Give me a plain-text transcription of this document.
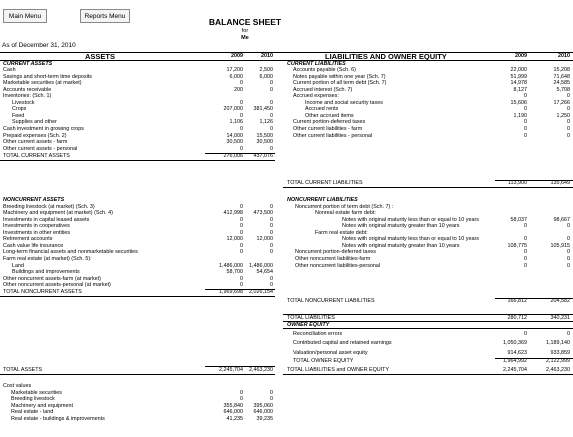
Main Menu	Reports Menu
BALANCE SHEET
for
Me
As of December 31, 2010
ASSETS	LIABILITIES AND OWNER EQUITY
2009	2010	2009	2010
CURRENT ASSETS
Cash	17,200	2,500
Savings and short-term time deposits	6,000	6,000
Marketable securities (at market)	0	0
Accounts receivable	200	0
Inventories: (Sch. 1)
Livestock	0	0
Crops	207,000	381,450
Feed	0	0
Supplies and other	1,106	1,126
Cash investment in growing crops	0	0
Prepaid expenses (Sch. 2)	14,000	15,500
Other current assets - farm	30,500	30,500
Other current assets - personal	0	0
TOTAL CURRENT ASSETS	276,006	437,076
NONCURRENT ASSETS
Breeding livestock (at market) (Sch. 3)	0	0
Machinery and equipment (at market) (Sch. 4)	412,998	473,500
Investments in capital leased assets	0	0
Investments in cooperatives	0	0
Investments in other entities	0	0
Retirement accounts	12,000	12,000
Cash value life insurance	0	0
Long-term financial assets and nonmarketable securities	0	0
Farm real estate (at market) (Sch. 5):
Land	1,486,000	1,486,000
Buildings and improvements	58,700	54,654
Other noncurrent assets-farm (at market)	0	0
Other noncurrent assets-personal (at market)	0	0
TOTAL NONCURRENT ASSETS	1,969,698	2,026,154
TOTAL ASSETS	2,245,704	2,463,230
Cost values
Marketable securities	0	0
Breeding livestock	0	0
Machinery and equipment	355,840	395,060
Real estate - land	646,000	646,000
Real estate - buildings & improvements	41,235	39,235
CURRENT LIABILITIES
Accounts payable (Sch. 6)	22,000	15,208
Notes payable within one year (Sch. 7)	51,999	71,648
Current portion of all term debt (Sch. 7)	14,978	24,585
Accrued interest (Sch. 7)	8,127	5,708
Accrued expenses:	0	0
Income and social security taxes	15,606	17,266
Accrued rents	0	0
Other accrued items	1,190	1,250
Current portion-deferred taxes	0	0
Other current liabilities - farm	0	0
Other current liabilities - personal	0	0
TOTAL CURRENT LIABILITIES	113,900	135,649
NONCURRENT LIABILITIES
Noncurrent portion of term debt (Sch. 7) :
Nonreal estate farm debt:
Notes with original maturity less than or equal to 10 years	58,037	98,667
Notes with original maturity greater than 10 years	0	0
Farm real estate debt:
Notes with original maturity less than or equal to 10 years	0	0
Notes with original maturity greater than 10 years	108,775	105,915
Noncurrent portion-deferred taxes	0	0
Other noncurrent liabilities-farm	0	0
Other noncurrent liabilities-personal	0	0
TOTAL NONCURRENT LIABILITIES	166,812	204,582
TOTAL LIABILITIES	280,712	340,231
OWNER EQUITY
Reconciliation errors	0	0
Contributed capital and retained earnings	1,050,369	1,189,140
Valuation/personal asset equity	914,623	933,859
TOTAL OWNER EQUITY	1,964,992	2,122,999
TOTAL LIABILITIES and OWNER EQUITY	2,245,704	2,463,230
